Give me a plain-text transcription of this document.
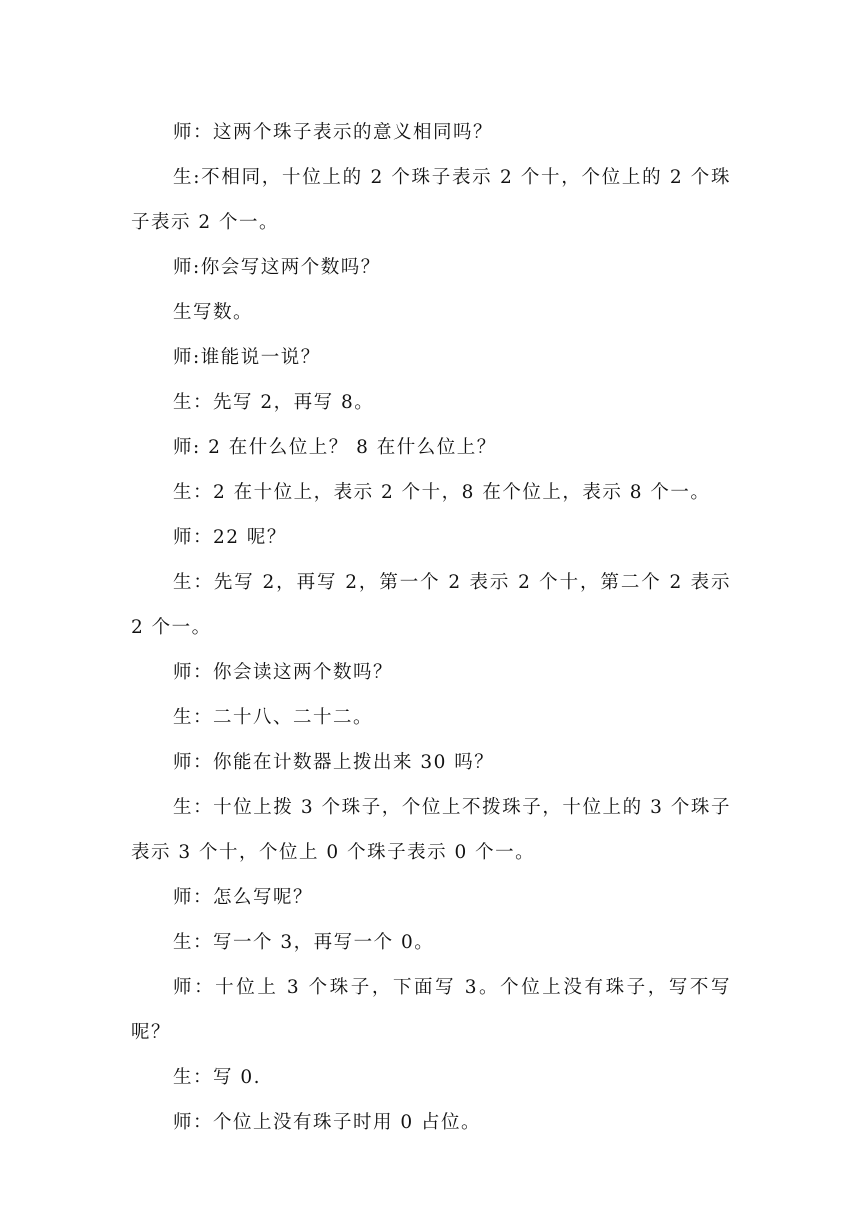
师：这两个珠子表示的意义相同吗？

生:不相同，十位上的 2 个珠子表示 2 个十，个位上的 2 个珠子表示 2 个一。

师:你会写这两个数吗？

生写数。

师:谁能说一说？

生：先写 2，再写 8。

师: 2 在什么位上？ 8 在什么位上？

生：2 在十位上，表示 2 个十，8 在个位上，表示 8 个一。

师：22 呢？

生：先写 2，再写 2，第一个 2 表示 2 个十，第二个 2 表示 2 个一。

师：你会读这两个数吗？

生：二十八、二十二。

师：你能在计数器上拨出来 30 吗？

生：十位上拨 3 个珠子，个位上不拨珠子，十位上的 3 个珠子表示 3 个十，个位上 0 个珠子表示 0 个一。

师：怎么写呢？

生：写一个 3，再写一个 0。

师：十位上 3 个珠子，下面写 3。个位上没有珠子，写不写呢？

生：写 0.

师：个位上没有珠子时用 0 占位。
